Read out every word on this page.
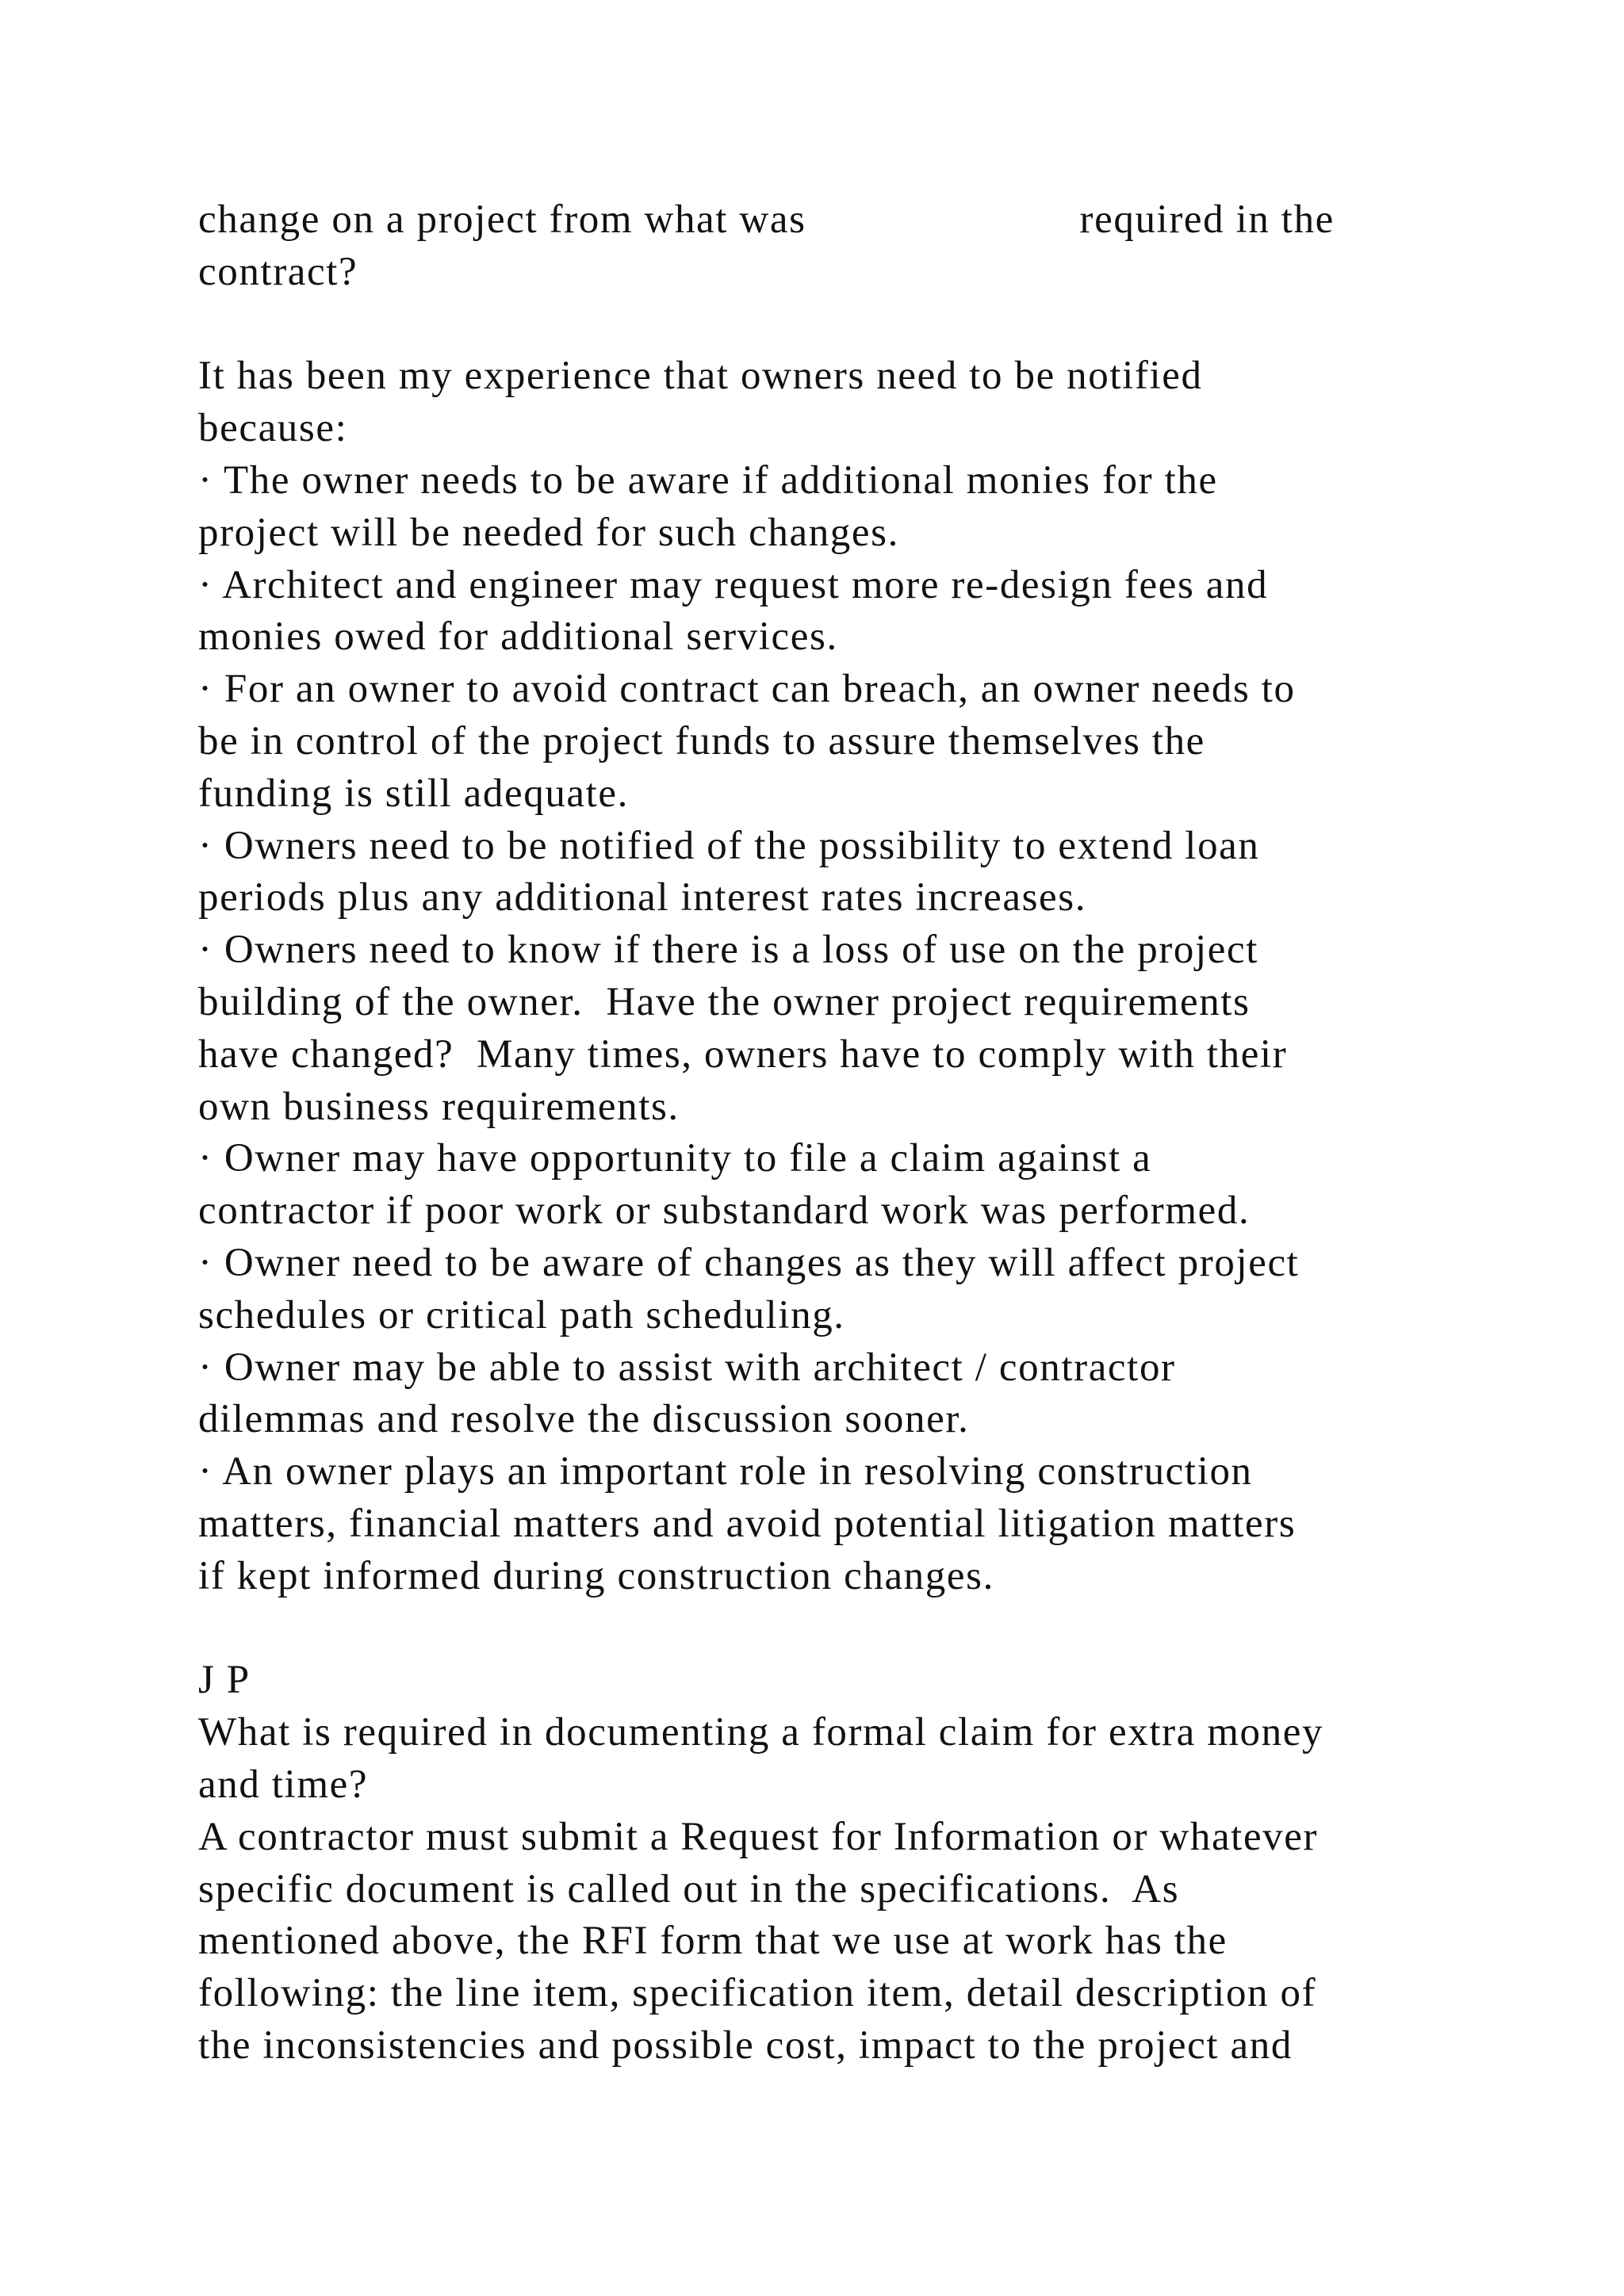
change on a project from what was	required in the
contract?
It has been my experience that owners need to be notified
because:
· The owner needs to be aware if additional monies for the
project will be needed for such changes.
· Architect and engineer may request more re-design fees and
monies owed for additional services.
· For an owner to avoid contract can breach, an owner needs to
be in control of the project funds to assure themselves the
funding is still adequate.
· Owners need to be notified of the possibility to extend loan
periods plus any additional interest rates increases.
· Owners need to know if there is a loss of use on the project
building of the owner.  Have the owner project requirements
have changed?  Many times, owners have to comply with their
own business requirements.
· Owner may have opportunity to file a claim against a
contractor if poor work or substandard work was performed.
· Owner need to be aware of changes as they will affect project
schedules or critical path scheduling.
· Owner may be able to assist with architect / contractor
dilemmas and resolve the discussion sooner.
· An owner plays an important role in resolving construction
matters, financial matters and avoid potential litigation matters
if kept informed during construction changes.
J P
What is required in documenting a formal claim for extra money
and time?
A contractor must submit a Request for Information or whatever
specific document is called out in the specifications.  As
mentioned above, the RFI form that we use at work has the
following: the line item, specification item, detail description of
the inconsistencies and possible cost, impact to the project and
